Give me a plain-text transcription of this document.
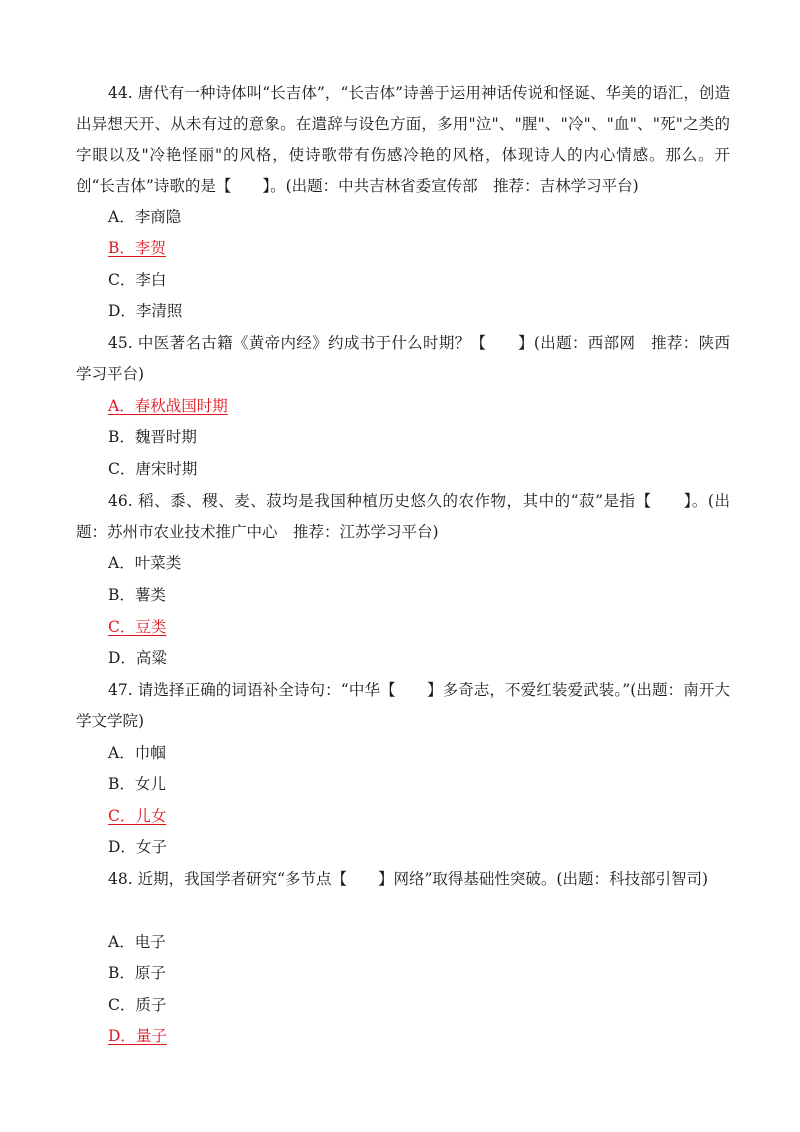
44. 唐代有一种诗体叫“长吉体”，“长吉体”诗善于运用神话传说和怪诞、华美的语汇，创造出异想天开、从未有过的意象。在遣辞与设色方面，多用"泣"、"腥"、"冷"、"血"、"死"之类的字眼以及"冷艳怪丽"的风格，使诗歌带有伤感冷艳的风格，体现诗人的内心情感。那么。开创“长吉体”诗歌的是【　　】。(出题：中共吉林省委宣传部　推荐：吉林学习平台)

A．李商隐

B．李贺

C．李白

D．李清照

45. 中医著名古籍《黄帝内经》约成书于什么时期？【　　】(出题：西部网　推荐：陕西学习平台)

A．春秋战国时期

B．魏晋时期

C．唐宋时期

46. 稻、黍、稷、麦、菽均是我国种植历史悠久的农作物，其中的“菽”是指【　　】。(出题：苏州市农业技术推广中心　推荐：江苏学习平台)

A．叶菜类

B．薯类

C．豆类

D．高粱

47. 请选择正确的词语补全诗句：“中华【　　】多奇志，不爱红装爱武装。”(出题：南开大学文学院)

A．巾帼

B．女儿

C．儿女

D．女子

48. 近期，我国学者研究“多节点【　　】网络”取得基础性突破。(出题：科技部引智司)

A．电子

B．原子

C．质子

D．量子
